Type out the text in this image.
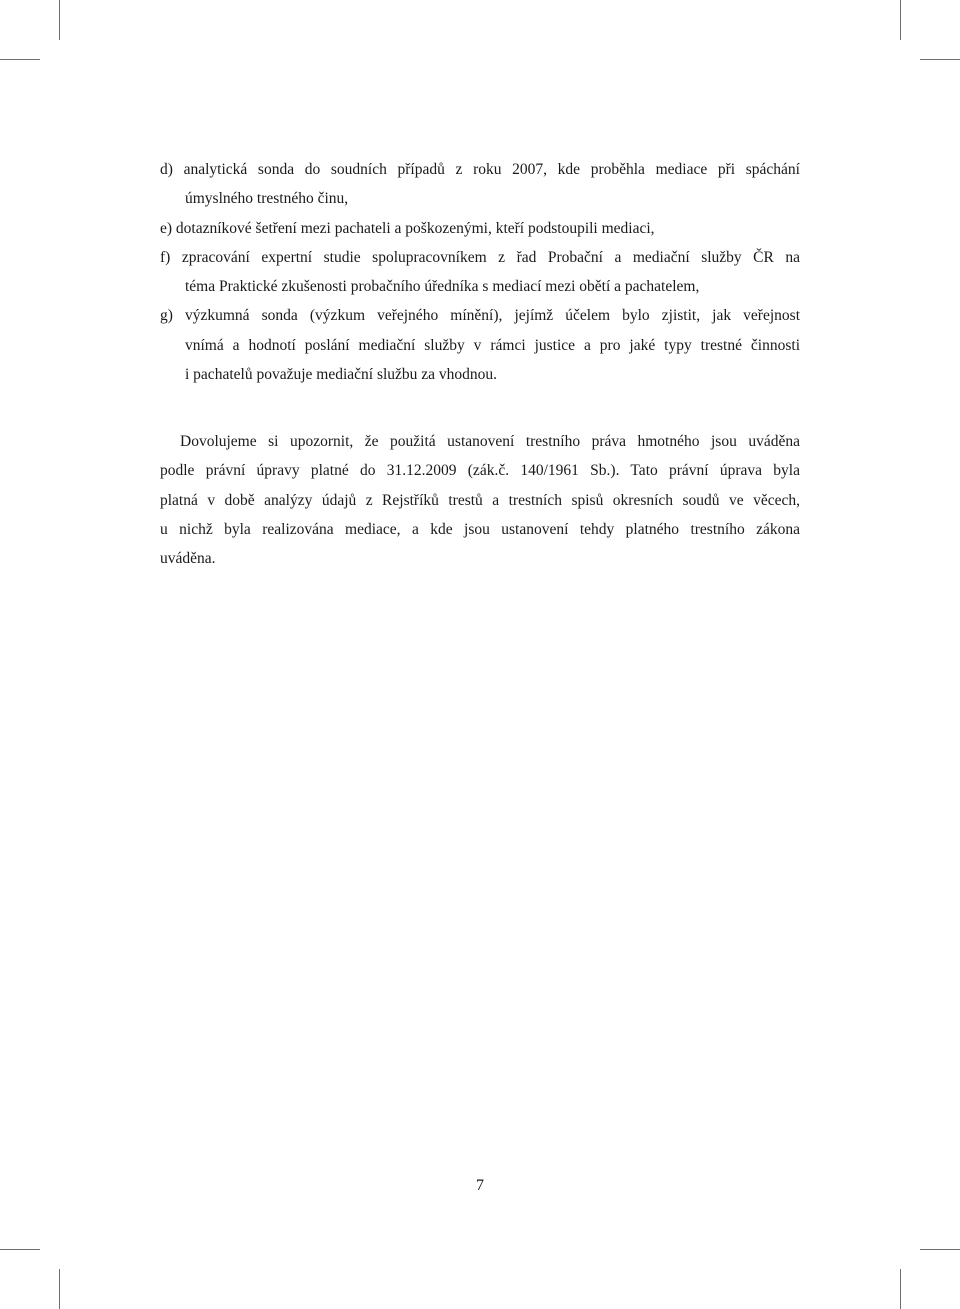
d) analytická sonda do soudních případů z roku 2007, kde proběhla mediace při spáchání
úmyslného trestného činu,
e) dotazníkové šetření mezi pachateli a poškozenými, kteří podstoupili mediaci,
f) zpracování expertní studie spolupracovníkem z řad Probační a mediační služby ČR na
téma Praktické zkušenosti probačního úředníka s mediací mezi obětí a pachatelem,
g) výzkumná sonda (výzkum veřejného mínění), jejímž účelem bylo zjistit, jak veřejnost
vnímá a hodnotí poslání mediační služby v rámci justice a pro jaké typy trestné činnosti
i pachatelů považuje mediační službu za vhodnou.
Dovolujeme si upozornit, že použitá ustanovení trestního práva hmotného jsou uváděna
podle právní úpravy platné do 31.12.2009 (zák.č. 140/1961 Sb.). Tato právní úprava byla
platná v době analýzy údajů z Rejstříků trestů a trestních spisů okresních soudů ve věcech,
u nichž byla realizována mediace, a kde jsou ustanovení tehdy platného trestního zákona
uváděna.
7
